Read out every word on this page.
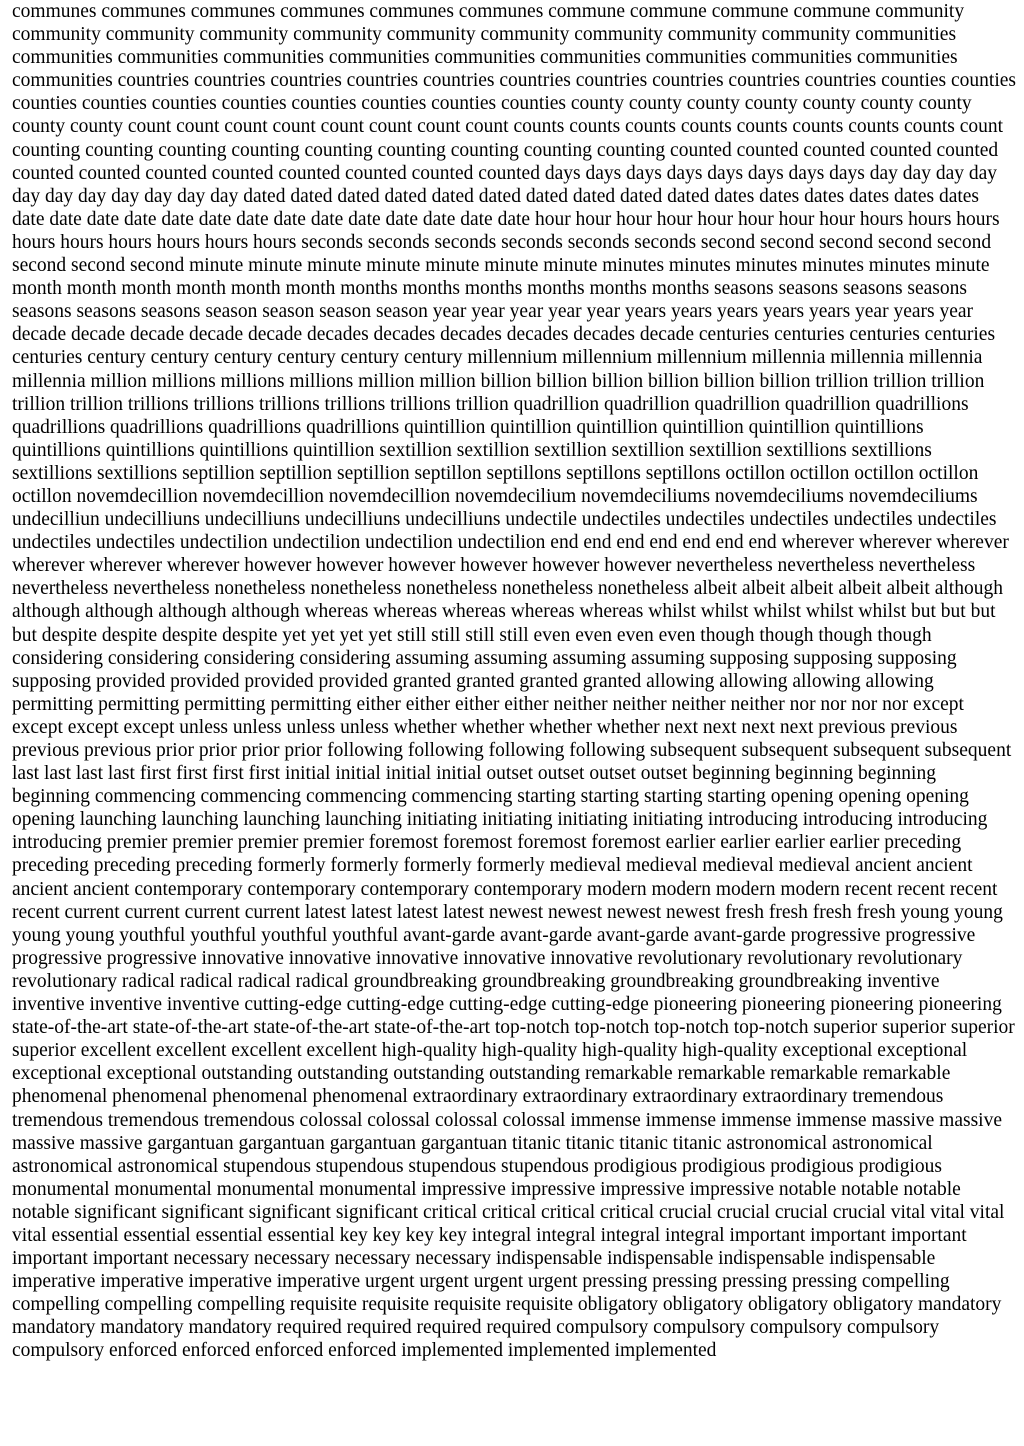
communes communes communes communes communes communes commune commune commune commune community community community community community community community community community community communities communities communities communities communities communities communities communities communities communities communities countries countries countries countries countries countries countries countries countries countries counties counties counties counties counties counties counties counties counties counties county county county county county county county county county count count count count count count count count counts counts counts counts counts counts counts counts count counting counting counting counting counting counting counting counting counting counted counted counted counted counted counted counted counted counted counted counted counted counted days days days days days days days days day day day day day day day day day day day dated dated dated dated dated dated dated dated dated dated dates dates dates dates dates dates date date date date date date date date date date date date date date hour hour hour hour hour hour hour hour hours hours hours hours hours hours hours hours hours seconds seconds seconds seconds seconds seconds second second second second second second second second minute minute minute minute minute minute minute minutes minutes minutes minutes minutes minute month month month month month month months months months months months months seasons seasons seasons seasons seasons seasons seasons season season season season year year year year year years years years years years year years year decade decade decade decade decade decades decades decades decades decades decade centuries centuries centuries centuries centuries century century century century century century millennium millennium millennium millennia millennia millennia millennia million millions millions millions million million billion billion billion billion billion billion trillion trillion trillion trillion trillion trillions trillions trillions trillions trillions trillion quadrillion quadrillion quadrillion quadrillion quadrillions quadrillions quadrillions quadrillions quadrillions quintillion quintillion quintillion quintillion quintillion quintillions quintillions quintillions quintillions quintillion sextillion sextillion sextillion sextillion sextillion sextillions sextillions sextillions sextillions septillion septillion septillion septillon septillons septillons septillons octillon octillon octillon octillon octillon novemdecillion novemdecillion novemdecillion novemdecilium novemdeciliums novemdeciliums novemdeciliums undecilliun undecilliuns undecilliuns undecilliuns undecilliuns undectile undectiles undectiles undectiles undectiles undectiles undectiles undectiles undectilion undectilion undectilion undectilion end end end end end end end wherever wherever wherever wherever wherever wherever however however however however however however nevertheless nevertheless nevertheless nevertheless nevertheless nonetheless nonetheless nonetheless nonetheless nonetheless albeit albeit albeit albeit albeit although although although although although whereas whereas whereas whereas whereas whilst whilst whilst whilst whilst but but but but despite despite despite despite yet yet yet yet still still still still even even even even though though though though considering considering considering considering assuming assuming assuming assuming supposing supposing supposing supposing provided provided provided provided granted granted granted granted allowing allowing allowing allowing permitting permitting permitting permitting either either either either neither neither neither neither nor nor nor nor except except except except unless unless unless unless whether whether whether whether next next next next previous previous previous previous prior prior prior prior following following following following subsequent subsequent subsequent subsequent last last last last first first first first initial initial initial initial outset outset outset outset beginning beginning beginning beginning commencing commencing commencing commencing starting starting starting starting opening opening opening opening launching launching launching launching initiating initiating initiating initiating introducing introducing introducing introducing premier premier premier premier foremost foremost foremost foremost earlier earlier earlier earlier preceding preceding preceding preceding formerly formerly formerly formerly medieval medieval medieval medieval ancient ancient ancient ancient contemporary contemporary contemporary contemporary modern modern modern modern recent recent recent recent current current current current latest latest latest latest newest newest newest newest fresh fresh fresh fresh young young young young youthful youthful youthful youthful avant-garde avant-garde avant-garde avant-garde progressive progressive progressive progressive innovative innovative innovative innovative innovative revolutionary revolutionary revolutionary revolutionary radical radical radical radical groundbreaking groundbreaking groundbreaking groundbreaking inventive inventive inventive inventive cutting-edge cutting-edge cutting-edge cutting-edge pioneering pioneering pioneering pioneering state-of-the-art state-of-the-art state-of-the-art state-of-the-art top-notch top-notch top-notch top-notch superior superior superior superior excellent excellent excellent excellent high-quality high-quality high-quality high-quality exceptional exceptional exceptional exceptional outstanding outstanding outstanding outstanding remarkable remarkable remarkable remarkable phenomenal phenomenal phenomenal phenomenal extraordinary extraordinary extraordinary extraordinary tremendous tremendous tremendous tremendous colossal colossal colossal colossal immense immense immense immense massive massive massive massive gargantuan gargantuan gargantuan gargantuan titanic titanic titanic titanic astronomical astronomical astronomical astronomical stupendous stupendous stupendous stupendous prodigious prodigious prodigious prodigious monumental monumental monumental monumental impressive impressive impressive impressive notable notable notable notable significant significant significant significant critical critical critical critical crucial crucial crucial crucial vital vital vital vital essential essential essential essential key key key key integral integral integral integral important important important important important necessary necessary necessary necessary indispensable indispensable indispensable indispensable imperative imperative imperative imperative urgent urgent urgent urgent pressing pressing pressing pressing compelling compelling compelling compelling requisite requisite requisite requisite obligatory obligatory obligatory obligatory mandatory mandatory mandatory mandatory required required required required compulsory compulsory compulsory compulsory compulsory enforced enforced enforced enforced implemented implemented implemented
